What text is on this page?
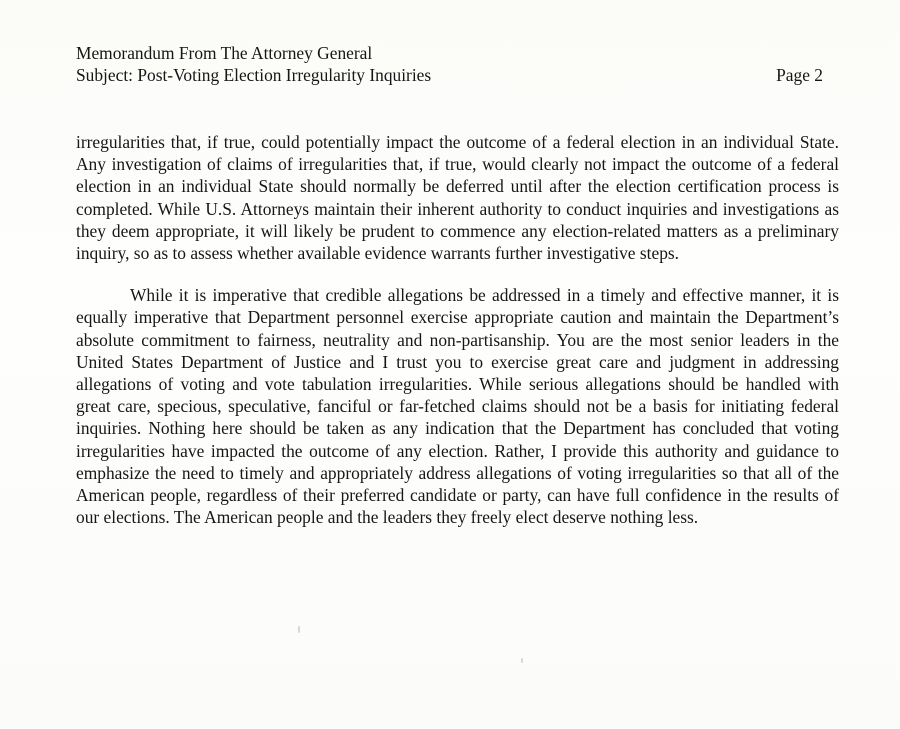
Memorandum From The Attorney General
Subject: Post-Voting Election Irregularity Inquiries	Page 2

irregularities that, if true, could potentially impact the outcome of a federal election in an individual State. Any investigation of claims of irregularities that, if true, would clearly not impact the outcome of a federal election in an individual State should normally be deferred until after the election certification process is completed. While U.S. Attorneys maintain their inherent authority to conduct inquiries and investigations as they deem appropriate, it will likely be prudent to commence any election-related matters as a preliminary inquiry, so as to assess whether available evidence warrants further investigative steps.

While it is imperative that credible allegations be addressed in a timely and effective manner, it is equally imperative that Department personnel exercise appropriate caution and maintain the Department’s absolute commitment to fairness, neutrality and non-partisanship. You are the most senior leaders in the United States Department of Justice and I trust you to exercise great care and judgment in addressing allegations of voting and vote tabulation irregularities. While serious allegations should be handled with great care, specious, speculative, fanciful or far-fetched claims should not be a basis for initiating federal inquiries. Nothing here should be taken as any indication that the Department has concluded that voting irregularities have impacted the outcome of any election. Rather, I provide this authority and guidance to emphasize the need to timely and appropriately address allegations of voting irregularities so that all of the American people, regardless of their preferred candidate or party, can have full confidence in the results of our elections. The American people and the leaders they freely elect deserve nothing less.
